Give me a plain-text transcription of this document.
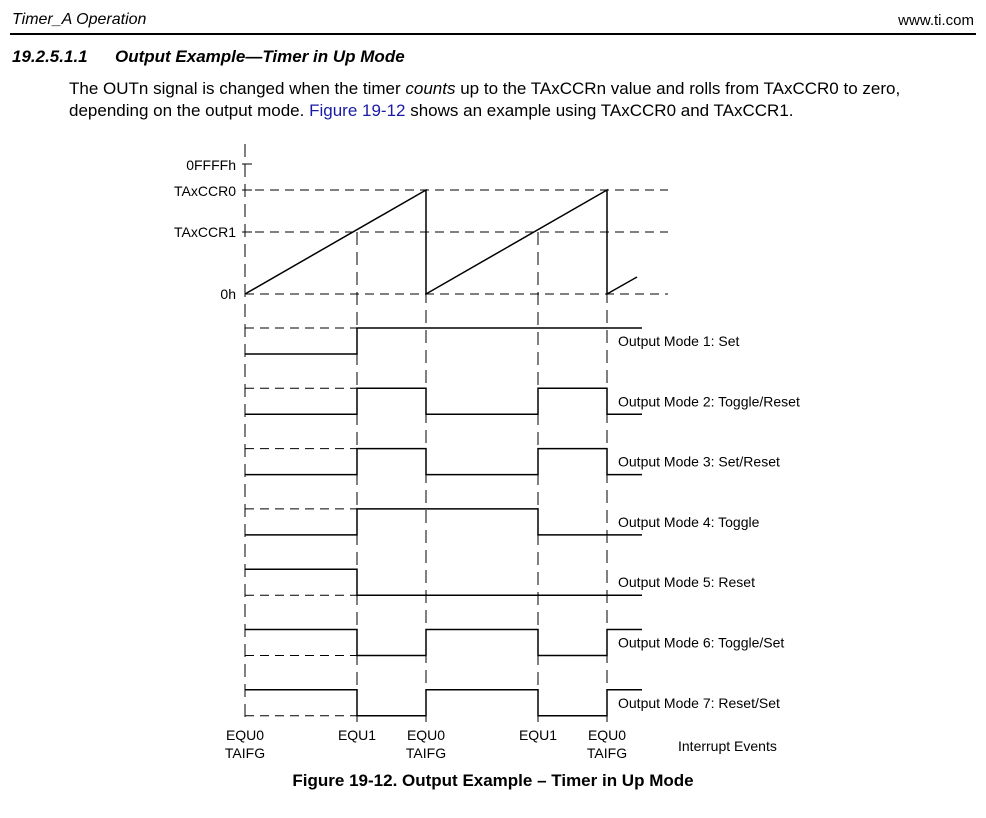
Timer_A Operation	www.ti.com
19.2.5.1.1 Output Example—Timer in Up Mode
The OUTn signal is changed when the timer counts up to the TAxCCRn value and rolls from TAxCCR0 to zero, depending on the output mode. Figure 19-12 shows an example using TAxCCR0 and TAxCCR1.
0FFFFh
TAxCCR0
TAxCCR1
0h
Output Mode 1: Set
Output Mode 2: Toggle/Reset
Output Mode 3: Set/Reset
Output Mode 4: Toggle
Output Mode 5: Reset
Output Mode 6: Toggle/Set
Output Mode 7: Reset/Set
EQU0
TAIFG
EQU1 EQU0
TAIFG
EQU1 EQU0
TAIFG	Interrupt Events
Figure 19-12. Output Example – Timer in Up Mode
